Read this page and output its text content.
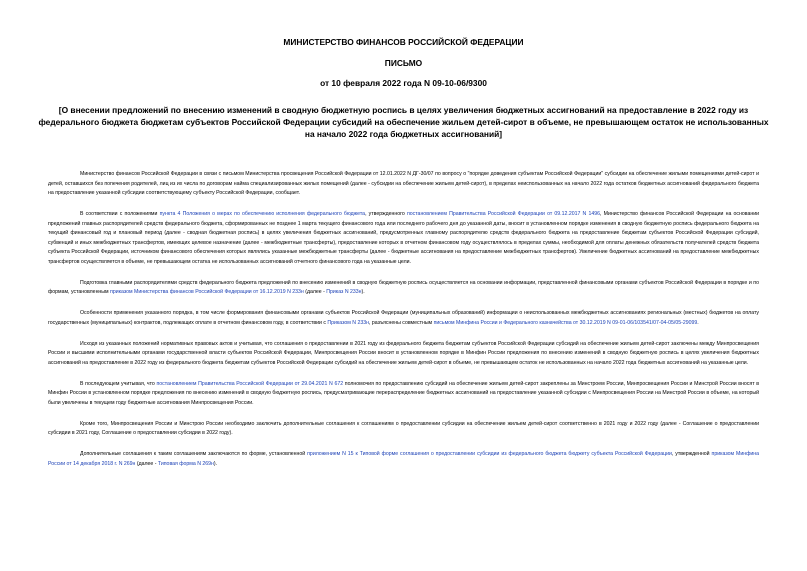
МИНИСТЕРСТВО ФИНАНСОВ РОССИЙСКОЙ ФЕДЕРАЦИИ
ПИСЬМО
от 10 февраля 2022 года N 09-10-06/9300
[О внесении предложений по внесению изменений в сводную бюджетную роспись в целях увеличения бюджетных ассигнований на предоставление в 2022 году из федерального бюджета бюджетам субъектов Российской Федерации субсидий на обеспечение жильем детей-сирот в объеме, не превышающем остаток не использованных на начало 2022 года бюджетных ассигнований]

Министерство финансов Российской Федерации в связи с письмом Министерства просвещения Российской Федерации от 12.01.2022 N ДГ-30/07 по вопросу о "порядке доведения субъектам Российской Федерации" субсидии на обеспечение жилыми помещениями детей-сирот и детей, оставшихся без попечения родителей, лиц из их числа по договорам найма специализированных жилых помещений (далее - субсидии на обеспечение жильем детей-сирот), в пределах неиспользованных на начало 2022 года остатков бюджетных ассигнований федерального бюджета на предоставление указанной субсидии соответствующему субъекту Российской Федерации, сообщает.

В соответствии с положениями пункта 4 Положения о мерах по обеспечению исполнения федерального бюджета, утвержденного постановлением Правительства Российской Федерации от 09.12.2017 N 1496, Министерство финансов Российской Федерации на основании предложений главных распорядителей средств федерального бюджета, сформированных не позднее 1 марта текущего финансового года или последнего рабочего дня до указанной даты, вносит в установленном порядке изменения в сводную бюджетную роспись федерального бюджета на текущий финансовый год и плановый период (далее - сводная бюджетная роспись) в целях увеличения бюджетных ассигнований, предусмотренных главному распорядителю средств федерального бюджета на предоставление бюджетам субъектов Российской Федерации субсидий, субвенций и иных межбюджетных трансфертов, имеющих целевое назначение (далее - межбюджетные трансферты), предоставление которых в отчетном финансовом году осуществлялось в пределах суммы, необходимой для оплаты денежных обязательств получателей средств бюджета субъекта Российской Федерации, источником финансового обеспечения которых являлись указанные межбюджетные трансферты (далее - бюджетные ассигнования на предоставление межбюджетных трансфертов). Увеличение бюджетных ассигнований на предоставление межбюджетных трансфертов осуществляется в объеме, не превышающем остатка не использованных ассигнований отчетного финансового года на указанные цели.

Подготовка главными распорядителями средств федерального бюджета предложений по внесению изменений в сводную бюджетную роспись осуществляется на основании информации, представленной финансовыми органами субъектов Российской Федерации в порядке и по формам, установленным приказом Министерства финансов Российской Федерации от 16.12.2019 N 233н (далее - Приказ N 233н).

Особенности применения указанного порядка, в том числе формирования финансовыми органами субъектов Российской Федерации (муниципальных образований) информации о неиспользованных межбюджетных ассигнованиях региональных (местных) бюджетов на оплату государственных (муниципальных) контрактов, подлежащих оплате в отчетном финансовом году, в соответствии с Приказом N 233н, разъяснены совместным письмом Минфина России и Федерального казначейства от 30.12.2019 N 09-01-06/103541/07-04-05/05-29099.

Исходя из указанных положений нормативных правовых актов и учитывая, что соглашения о предоставлении в 2021 году из федерального бюджета бюджетам субъектов Российской Федерации субсидий на обеспечение жильем детей-сирот заключены между Минпросвещения России и высшими исполнительными органами государственной власти субъектов Российской Федерации, Минпросвещения России вносит в установленном порядке в Минфин России предложения по внесению изменений в сводную бюджетную роспись в целях увеличения бюджетных ассигнований на предоставление в 2022 году из федерального бюджета бюджетам субъектов Российской Федерации субсидий на обеспечение жильем детей-сирот в объеме, не превышающем остаток не использованных на начало 2022 года бюджетных ассигнований на указанные цели.

В последующем учитывая, что постановлением Правительства Российской Федерации от 29.04.2021 N 672 полномочия по предоставлению субсидий на обеспечение жильем детей-сирот закреплены за Минстроем России, Минпросвещения России и Минстрой России вносят в Минфин России в установленном порядке предложения по внесению изменений в сводную бюджетную роспись, предусматривающие перераспределение бюджетных ассигнований на предоставление указанной субсидии с Минпросвещения России на Минстрой России в объеме, на который были увеличены в текущем году бюджетные ассигнования Минпросвещения России.

Кроме того, Минпросвещения России и Минстрою России необходимо заключить дополнительные соглашения к соглашениям о предоставлении субсидии на обеспечение жильем детей-сирот соответственно в 2021 году и 2022 году (далее - Соглашение о предоставлении субсидии в 2021 году, Соглашение о предоставлении субсидии в 2022 году).

Дополнительные соглашения к таким соглашениям заключаются по форме, установленной приложением N 15 к Типовой форме соглашения о предоставлении субсидии из федерального бюджета бюджету субъекта Российской Федерации, утвержденной приказом Минфина России от 14 декабря 2018 г. N 269н (далее - Типовая форма N 269н).
